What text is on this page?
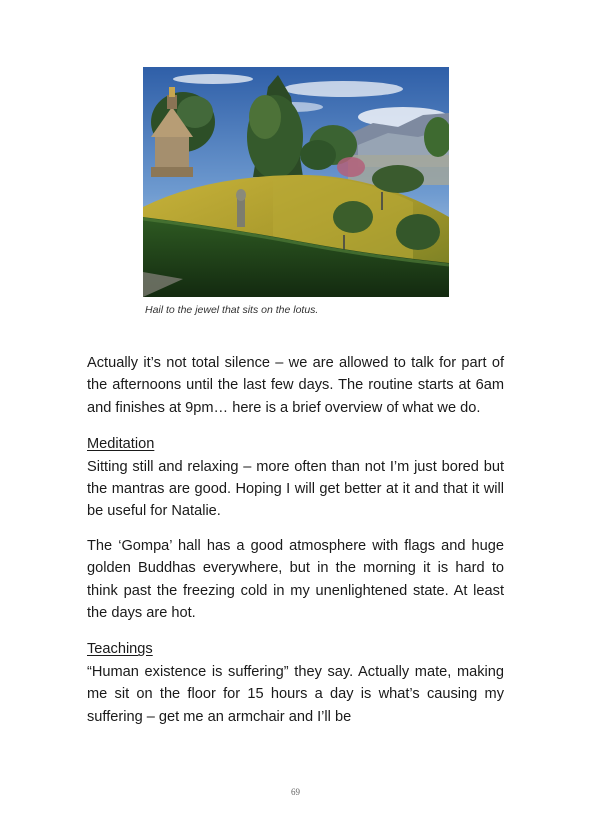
Hail to the jewel that sits on the lotus.

Actually it’s not total silence – we are allowed to talk for part of the afternoons until the last few days. The routine starts at 6am and finishes at 9pm… here is a brief overview of what we do.

Meditation

Sitting still and relaxing – more often than not I’m just bored but the mantras are good. Hoping I will get better at it and that it will be useful for Natalie.

The ‘Gompa’ hall has a good atmosphere with flags and huge golden Buddhas everywhere, but in the morning it is hard to think past the freezing cold in my unenlightened state. At least the days are hot.

Teachings

“Human existence is suffering” they say. Actually mate, making me sit on the floor for 15 hours a day is what’s causing my suffering – get me an armchair and I’ll be

69
